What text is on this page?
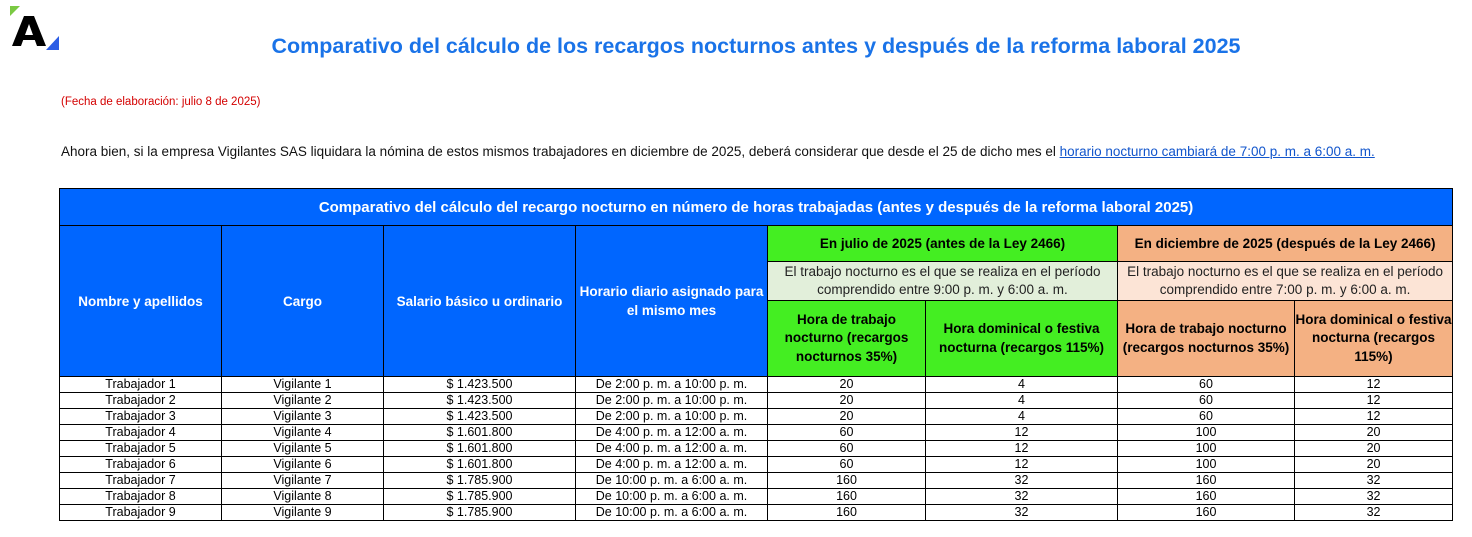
Comparativo del cálculo de los recargos nocturnos antes y después de la reforma laboral 2025
(Fecha de elaboración: julio 8 de 2025)
Ahora bien, si la empresa Vigilantes SAS liquidara la nómina de estos mismos trabajadores en diciembre de 2025, deberá considerar que desde el 25 de dicho mes el horario nocturno cambiará de 7:00 p. m. a 6:00 a. m.
Comparativo del cálculo del recargo nocturno en número de horas trabajadas (antes y después de la reforma laboral 2025)							
Nombre y apellidos	Cargo	Salario básico u ordinario	Horario diario asignado para el mismo mes	En julio de 2025 (antes de la Ley 2466)		En diciembre de 2025 (después de la Ley 2466)	
				El trabajo nocturno es el que se realiza en el período comprendido entre 9:00 p. m. y 6:00 a. m.		El trabajo nocturno es el que se realiza en el período comprendido entre 7:00 p. m. y 6:00 a. m.	
				Hora de trabajo nocturno (recargos nocturnos 35%)	Hora dominical o festiva nocturna (recargos 115%)	Hora de trabajo nocturno (recargos nocturnos 35%)	Hora dominical o festiva nocturna (recargos 115%)
Trabajador 1	Vigilante 1	$ 1.423.500	De 2:00 p. m. a 10:00 p. m.	20	4	60	12
Trabajador 2	Vigilante 2	$ 1.423.500	De 2:00 p. m. a 10:00 p. m.	20	4	60	12
Trabajador 3	Vigilante 3	$ 1.423.500	De 2:00 p. m. a 10:00 p. m.	20	4	60	12
Trabajador 4	Vigilante 4	$ 1.601.800	De 4:00 p. m. a 12:00 a. m.	60	12	100	20
Trabajador 5	Vigilante 5	$ 1.601.800	De 4:00 p. m. a 12:00 a. m.	60	12	100	20
Trabajador 6	Vigilante 6	$ 1.601.800	De 4:00 p. m. a 12:00 a. m.	60	12	100	20
Trabajador 7	Vigilante 7	$ 1.785.900	De 10:00 p. m. a 6:00 a. m.	160	32	160	32
Trabajador 8	Vigilante 8	$ 1.785.900	De 10:00 p. m. a 6:00 a. m.	160	32	160	32
Trabajador 9	Vigilante 9	$ 1.785.900	De 10:00 p. m. a 6:00 a. m.	160	32	160	32
